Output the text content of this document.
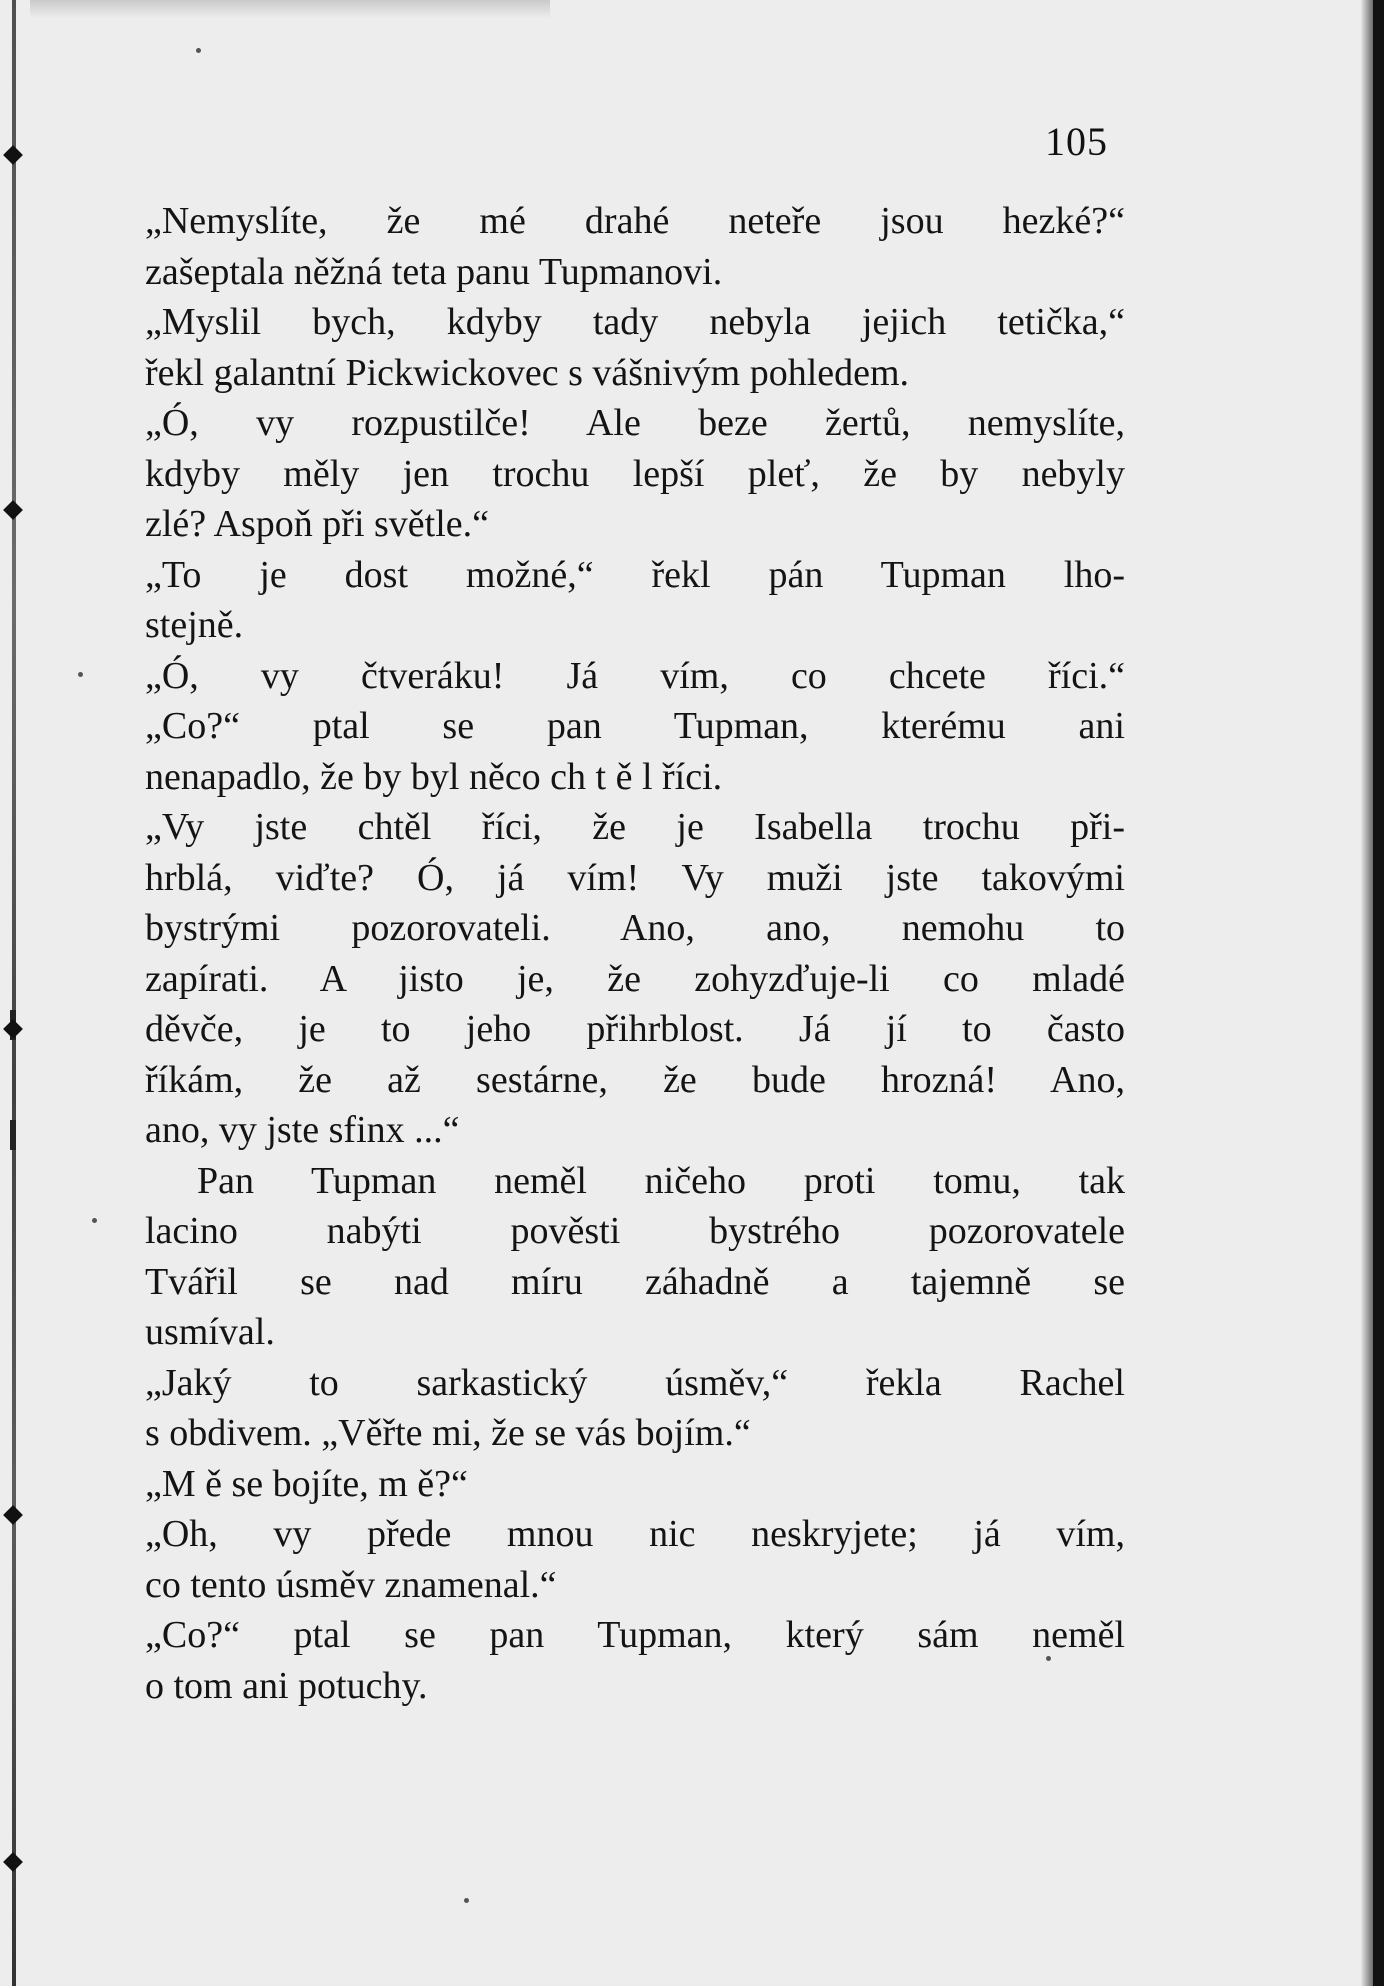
105
„Nemyslíte, že mé drahé neteře jsou hezké?“
zašeptala něžná teta panu Tupmanovi.
„Myslil bych, kdyby tady nebyla jejich tetička,“
řekl galantní Pickwickovec s vášnivým pohledem.
„Ó, vy rozpustilče! Ale beze žertů, nemyslíte,
kdyby měly jen trochu lepší pleť, že by nebyly
zlé? Aspoň při světle.“
„To je dost možné,“ řekl pán Tupman lho-
stejně.
„Ó, vy čtveráku! Já vím, co chcete říci.“
„Co?“ ptal se pan Tupman, kterému ani
nenapadlo, že by byl něco ch t ě l říci.
„Vy jste chtěl říci, že je Isabella trochu při-
hrblá, viďte? Ó, já vím! Vy muži jste takovými
bystrými pozorovateli. Ano, ano, nemohu to
zapírati. A jisto je, že zohyzďuje-li co mladé
děvče, je to jeho přihrblost. Já jí to často
říkám, že až sestárne, že bude hrozná! Ano,
ano, vy jste sfinx ...“
Pan Tupman neměl ničeho proti tomu, tak
lacino nabýti pověsti bystrého pozorovatele
Tvářil se nad míru záhadně a tajemně se
usmíval.
„Jaký to sarkastický úsměv,“ řekla Rachel
s obdivem. „Věřte mi, že se vás bojím.“
„M ě se bojíte, m ě?“
„Oh, vy přede mnou nic neskryjete; já vím,
co tento úsměv znamenal.“
„Co?“ ptal se pan Tupman, který sám neměl
o tom ani potuchy.
